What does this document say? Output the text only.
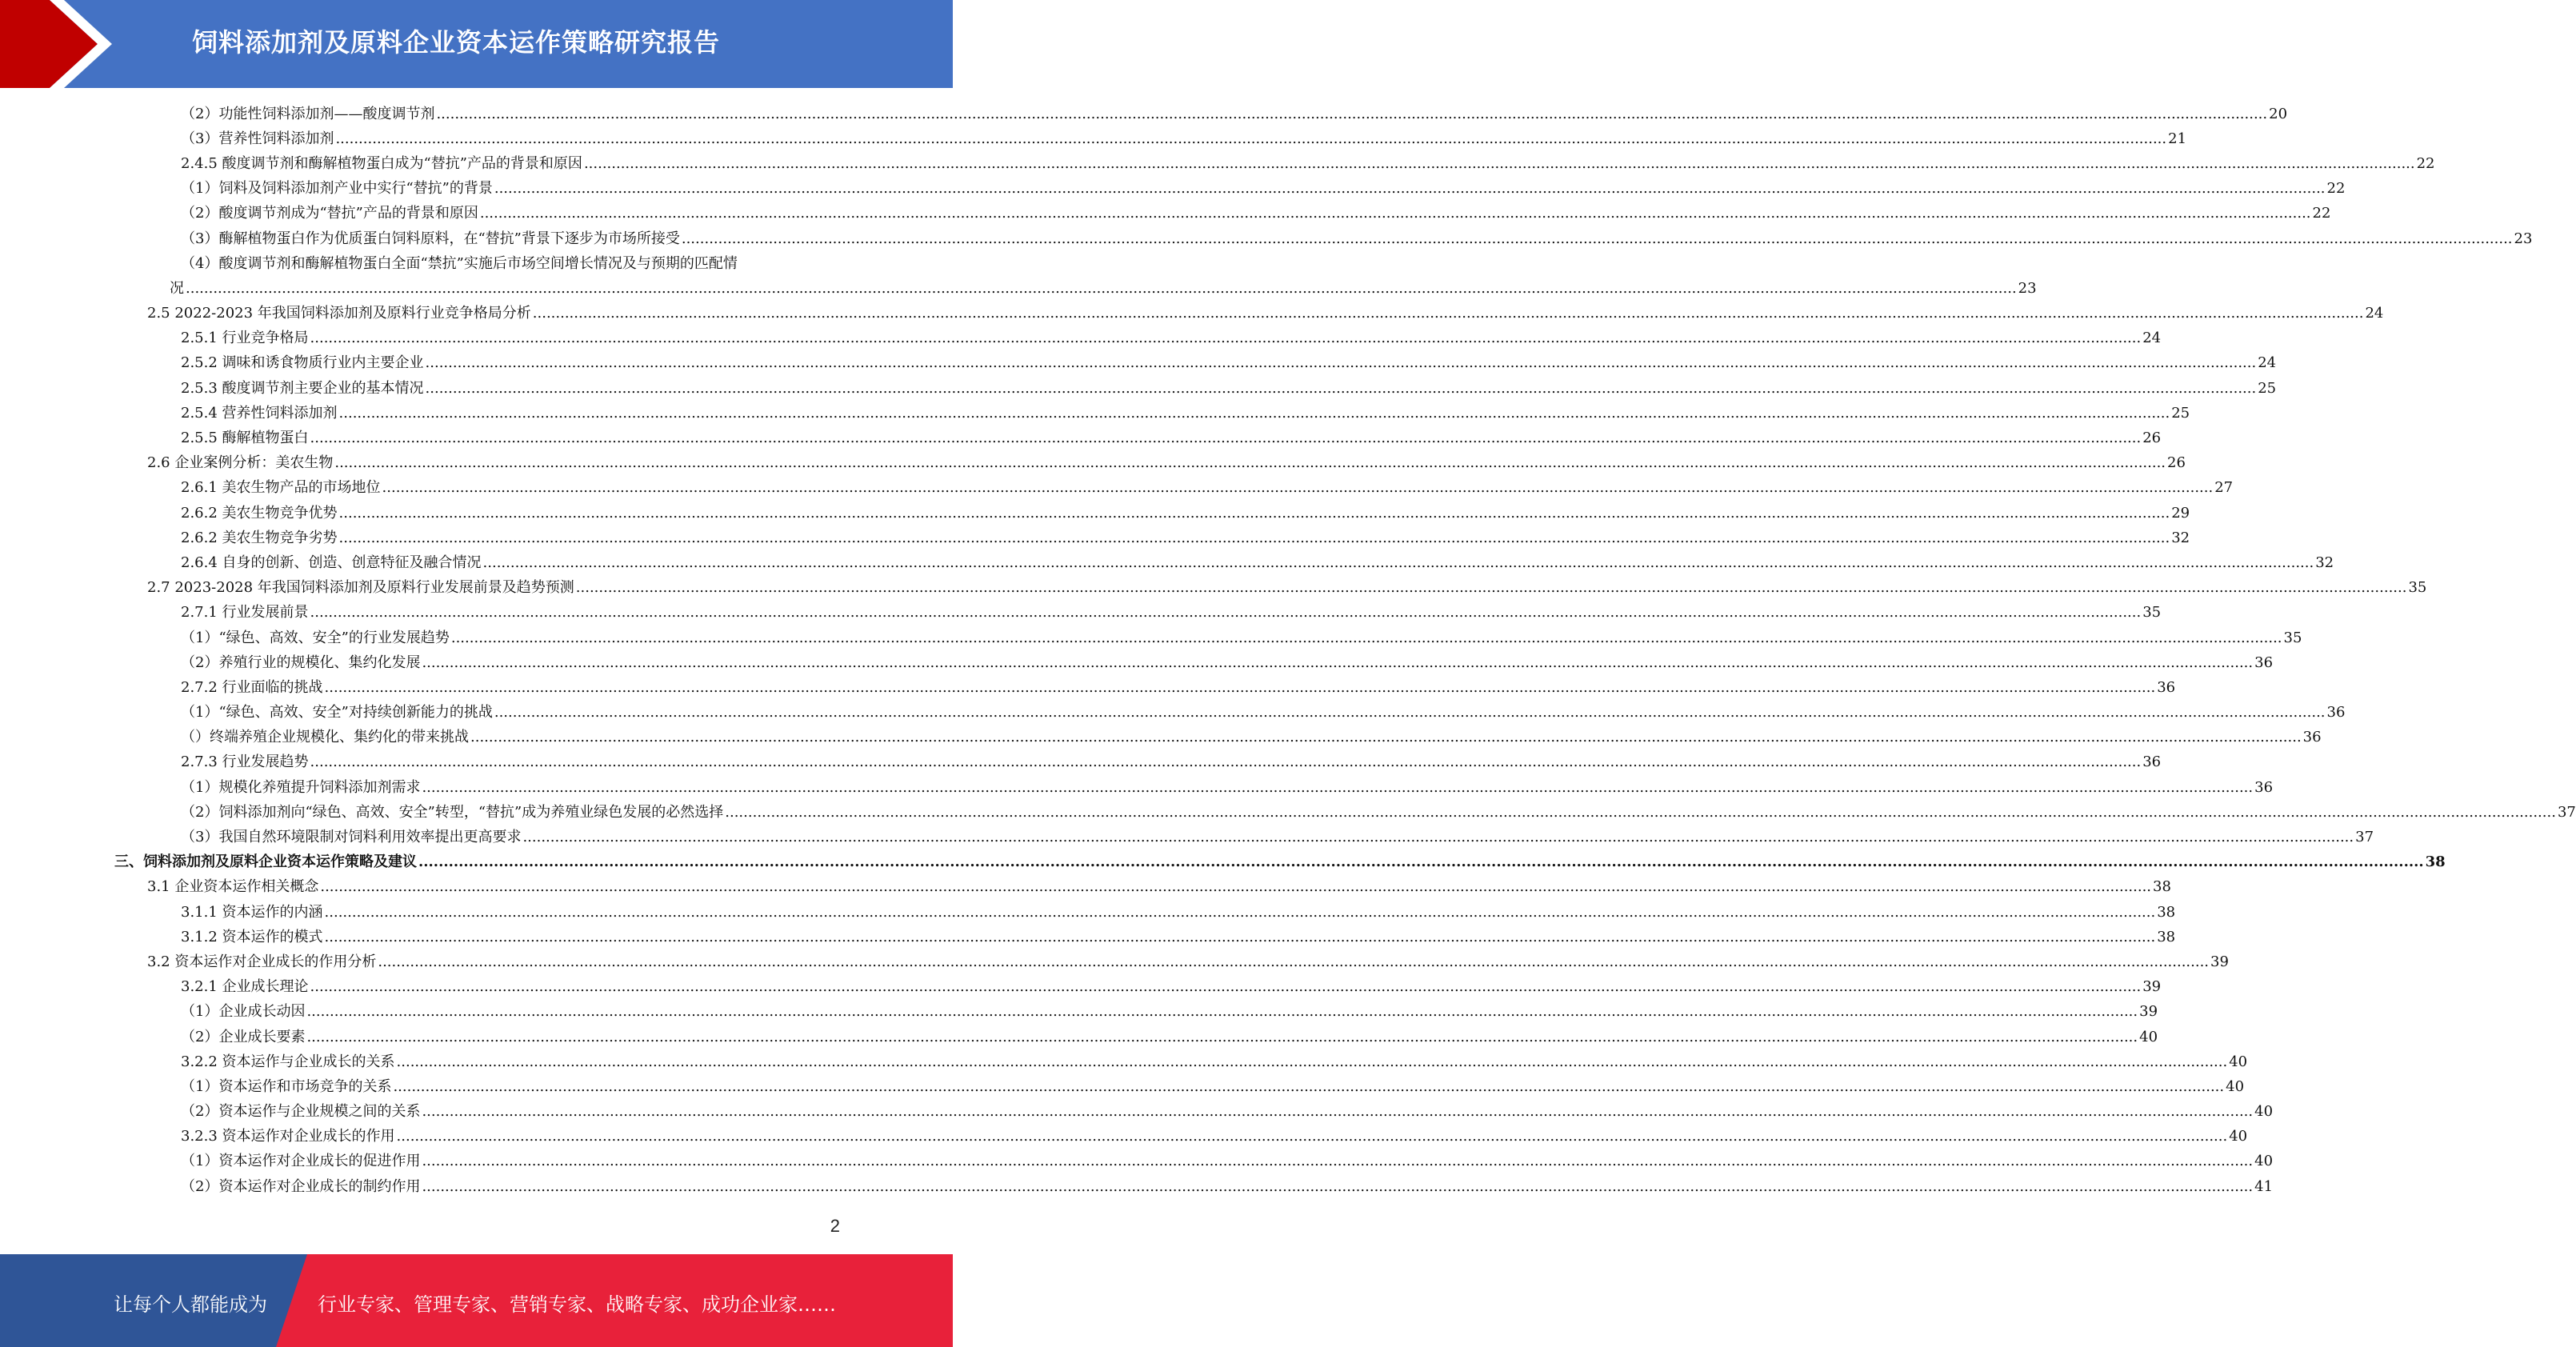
饲料添加剂及原料企业资本运作策略研究报告
（2）功能性饲料添加剂——酸度调节剂 ................................................................................................................................................................................................................................................................................................................................................................................................................ 20
（3）营养性饲料添加剂 ................................................................................................................................................................................................................................................................................................................................................................................................................ 21
2.4.5 酸度调节剂和酶解植物蛋白成为“替抗”产品的背景和原因 ................................................................................................................................................................................................................................................................................................................................................................................................................ 22
（1）饲料及饲料添加剂产业中实行“替抗”的背景 ................................................................................................................................................................................................................................................................................................................................................................................................................ 22
（2）酸度调节剂成为“替抗”产品的背景和原因 ................................................................................................................................................................................................................................................................................................................................................................................................................ 22
（3）酶解植物蛋白作为优质蛋白饲料原料，在“替抗”背景下逐步为市场所接受 ................................................................................................................................................................................................................................................................................................................................................................................................................ 23
（4）酸度调节剂和酶解植物蛋白全面“禁抗”实施后市场空间增长情况及与预期的匹配情
况 ................................................................................................................................................................................................................................................................................................................................................................................................................ 23
2.5 2022-2023 年我国饲料添加剂及原料行业竞争格局分析 ................................................................................................................................................................................................................................................................................................................................................................................................................ 24
2.5.1 行业竞争格局 ................................................................................................................................................................................................................................................................................................................................................................................................................ 24
2.5.2 调味和诱食物质行业内主要企业 ................................................................................................................................................................................................................................................................................................................................................................................................................ 24
2.5.3 酸度调节剂主要企业的基本情况 ................................................................................................................................................................................................................................................................................................................................................................................................................ 25
2.5.4 营养性饲料添加剂 ................................................................................................................................................................................................................................................................................................................................................................................................................ 25
2.5.5 酶解植物蛋白 ................................................................................................................................................................................................................................................................................................................................................................................................................ 26
2.6 企业案例分析：美农生物 ................................................................................................................................................................................................................................................................................................................................................................................................................ 26
2.6.1 美农生物产品的市场地位 ................................................................................................................................................................................................................................................................................................................................................................................................................ 27
2.6.2 美农生物竞争优势 ................................................................................................................................................................................................................................................................................................................................................................................................................ 29
2.6.2 美农生物竞争劣势 ................................................................................................................................................................................................................................................................................................................................................................................................................ 32
2.6.4 自身的创新、创造、创意特征及融合情况 ................................................................................................................................................................................................................................................................................................................................................................................................................ 32
2.7 2023-2028 年我国饲料添加剂及原料行业发展前景及趋势预测 ................................................................................................................................................................................................................................................................................................................................................................................................................ 35
2.7.1 行业发展前景 ................................................................................................................................................................................................................................................................................................................................................................................................................ 35
（1）“绿色、高效、安全”的行业发展趋势 ................................................................................................................................................................................................................................................................................................................................................................................................................ 35
（2）养殖行业的规模化、集约化发展 ................................................................................................................................................................................................................................................................................................................................................................................................................ 36
2.7.2 行业面临的挑战 ................................................................................................................................................................................................................................................................................................................................................................................................................ 36
（1）“绿色、高效、安全”对持续创新能力的挑战 ................................................................................................................................................................................................................................................................................................................................................................................................................ 36
（）终端养殖企业规模化、集约化的带来挑战 ................................................................................................................................................................................................................................................................................................................................................................................................................ 36
2.7.3 行业发展趋势 ................................................................................................................................................................................................................................................................................................................................................................................................................ 36
（1）规模化养殖提升饲料添加剂需求 ................................................................................................................................................................................................................................................................................................................................................................................................................ 36
（2）饲料添加剂向“绿色、高效、安全”转型，“替抗”成为养殖业绿色发展的必然选择 ................................................................................................................................................................................................................................................................................................................................................................................................................ 37
（3）我国自然环境限制对饲料利用效率提出更高要求 ................................................................................................................................................................................................................................................................................................................................................................................................................ 37
三、饲料添加剂及原料企业资本运作策略及建议 ................................................................................................................................................................................................................................................................................................................................................................................................................ 38
3.1 企业资本运作相关概念 ................................................................................................................................................................................................................................................................................................................................................................................................................ 38
3.1.1 资本运作的内涵 ................................................................................................................................................................................................................................................................................................................................................................................................................ 38
3.1.2 资本运作的模式 ................................................................................................................................................................................................................................................................................................................................................................................................................ 38
3.2 资本运作对企业成长的作用分析 ................................................................................................................................................................................................................................................................................................................................................................................................................ 39
3.2.1 企业成长理论 ................................................................................................................................................................................................................................................................................................................................................................................................................ 39
（1）企业成长动因 ................................................................................................................................................................................................................................................................................................................................................................................................................ 39
（2）企业成长要素 ................................................................................................................................................................................................................................................................................................................................................................................................................ 40
3.2.2 资本运作与企业成长的关系 ................................................................................................................................................................................................................................................................................................................................................................................................................ 40
（1）资本运作和市场竞争的关系 ................................................................................................................................................................................................................................................................................................................................................................................................................ 40
（2）资本运作与企业规模之间的关系 ................................................................................................................................................................................................................................................................................................................................................................................................................ 40
3.2.3 资本运作对企业成长的作用 ................................................................................................................................................................................................................................................................................................................................................................................................................ 40
（1）资本运作对企业成长的促进作用 ................................................................................................................................................................................................................................................................................................................................................................................................................ 40
（2）资本运作对企业成长的制约作用 ................................................................................................................................................................................................................................................................................................................................................................................................................ 41
2
让每个人都能成为	行业专家、管理专家、营销专家、战略专家、成功企业家……
